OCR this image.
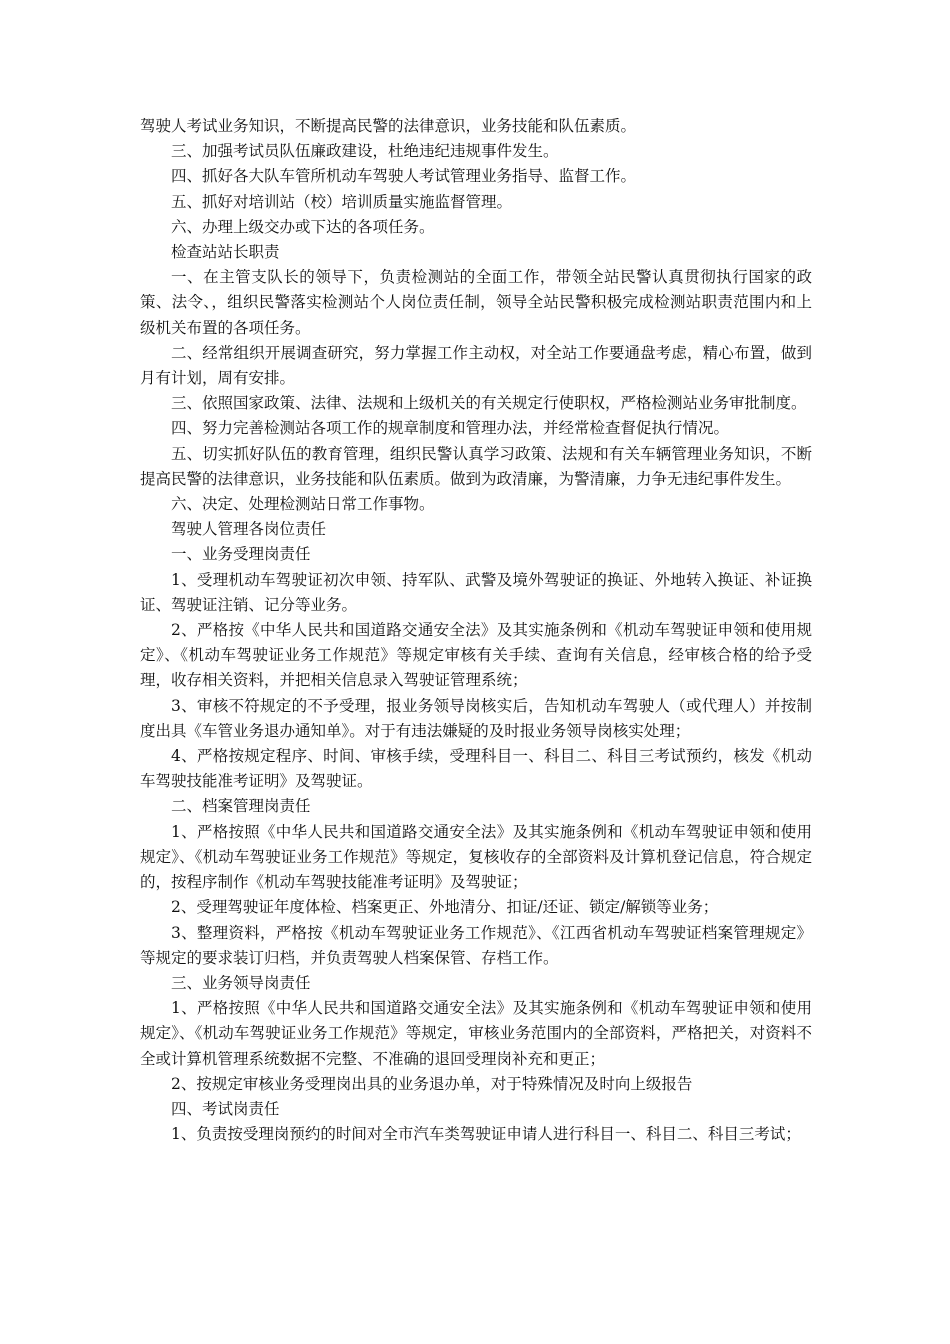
驾驶人考试业务知识，不断提高民警的法律意识，业务技能和队伍素质。

三、加强考试员队伍廉政建设，杜绝违纪违规事件发生。

四、抓好各大队车管所机动车驾驶人考试管理业务指导、监督工作。

五、抓好对培训站（校）培训质量实施监督管理。

六、办理上级交办或下达的各项任务。

检查站站长职责

一、在主管支队长的领导下，负责检测站的全面工作，带领全站民警认真贯彻执行国家的政策、法令、，组织民警落实检测站个人岗位责任制，领导全站民警积极完成检测站职责范围内和上级机关布置的各项任务。

二、经常组织开展调查研究，努力掌握工作主动权，对全站工作要通盘考虑，精心布置，做到月有计划，周有安排。

三、依照国家政策、法律、法规和上级机关的有关规定行使职权，严格检测站业务审批制度。

四、努力完善检测站各项工作的规章制度和管理办法，并经常检查督促执行情况。

五、切实抓好队伍的教育管理，组织民警认真学习政策、法规和有关车辆管理业务知识，不断提高民警的法律意识，业务技能和队伍素质。做到为政清廉，为警清廉，力争无违纪事件发生。

六、决定、处理检测站日常工作事物。

驾驶人管理各岗位责任

一、业务受理岗责任

1、受理机动车驾驶证初次申领、持军队、武警及境外驾驶证的换证、外地转入换证、补证换证、驾驶证注销、记分等业务。

2、严格按《中华人民共和国道路交通安全法》及其实施条例和《机动车驾驶证申领和使用规定》、《机动车驾驶证业务工作规范》等规定审核有关手续、查询有关信息，经审核合格的给予受理，收存相关资料，并把相关信息录入驾驶证管理系统；

3、审核不符规定的不予受理，报业务领导岗核实后，告知机动车驾驶人（或代理人）并按制度出具《车管业务退办通知单》。对于有违法嫌疑的及时报业务领导岗核实处理；

4、严格按规定程序、时间、审核手续，受理科目一、科目二、科目三考试预约，核发《机动车驾驶技能准考证明》及驾驶证。

二、档案管理岗责任

1、严格按照《中华人民共和国道路交通安全法》及其实施条例和《机动车驾驶证申领和使用规定》、《机动车驾驶证业务工作规范》等规定，复核收存的全部资料及计算机登记信息，符合规定的，按程序制作《机动车驾驶技能准考证明》及驾驶证；

2、受理驾驶证年度体检、档案更正、外地清分、扣证/还证、锁定/解锁等业务；

3、整理资料，严格按《机动车驾驶证业务工作规范》、《江西省机动车驾驶证档案管理规定》等规定的要求装订归档，并负责驾驶人档案保管、存档工作。

三、业务领导岗责任

1、严格按照《中华人民共和国道路交通安全法》及其实施条例和《机动车驾驶证申领和使用规定》、《机动车驾驶证业务工作规范》等规定，审核业务范围内的全部资料，严格把关，对资料不全或计算机管理系统数据不完整、不准确的退回受理岗补充和更正；

2、按规定审核业务受理岗出具的业务退办单，对于特殊情况及时向上级报告

四、考试岗责任

1、负责按受理岗预约的时间对全市汽车类驾驶证申请人进行科目一、科目二、科目三考试；
